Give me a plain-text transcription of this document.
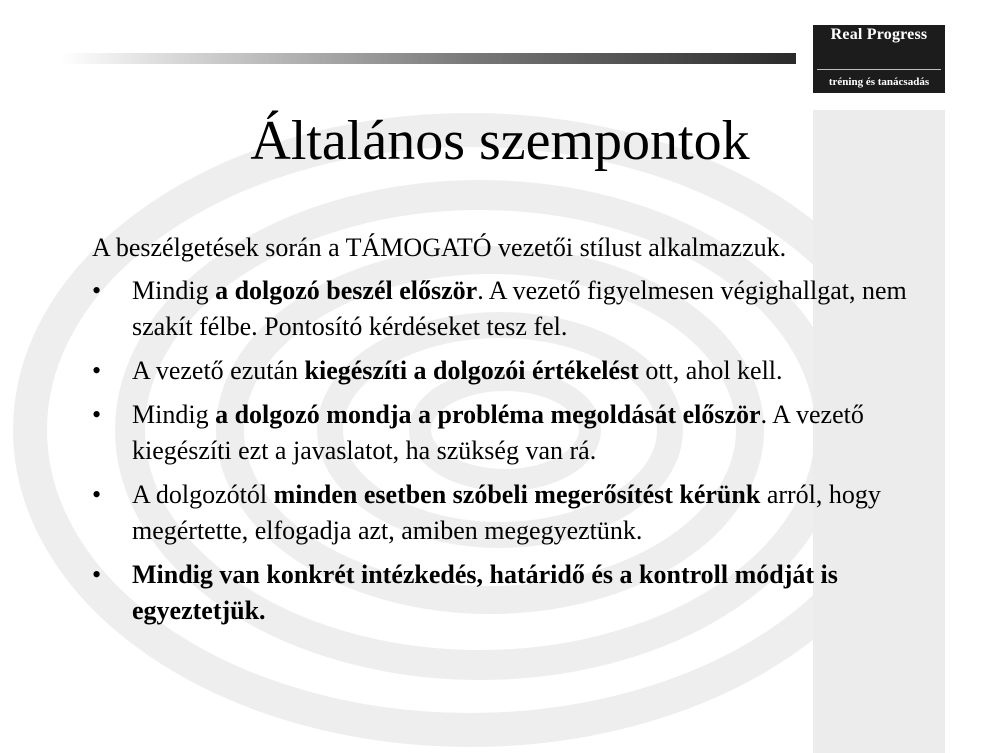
Real Progress
tréning és tanácsadás
Általános szempontok

A beszélgetések során a TÁMOGATÓ vezetői stílust alkalmazzuk.

• Mindig a dolgozó beszél először. A vezető figyelmesen végighallgat, nem szakít félbe. Pontosító kérdéseket tesz fel.
• A vezető ezután kiegészíti a dolgozói értékelést ott, ahol kell.
• Mindig a dolgozó mondja a probléma megoldását először. A vezető kiegészíti ezt a javaslatot, ha szükség van rá.
• A dolgozótól minden esetben szóbeli megerősítést kérünk arról, hogy megértette, elfogadja azt, amiben megegyeztünk.
• Mindig van konkrét intézkedés, határidő és a kontroll módját is egyeztetjük.
